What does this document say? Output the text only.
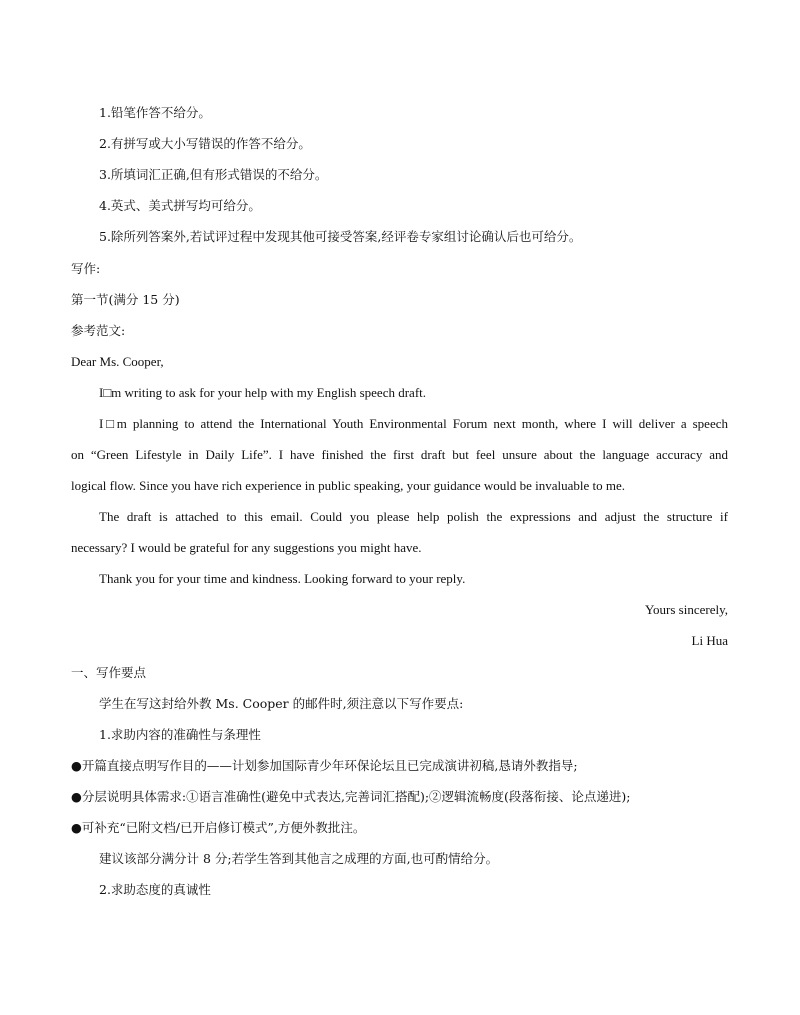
1.铅笔作答不给分。
2.有拼写或大小写错误的作答不给分。
3.所填词汇正确,但有形式错误的不给分。
4.英式、美式拼写均可给分。
5.除所列答案外,若试评过程中发现其他可接受答案,经评卷专家组讨论确认后也可给分。
写作:
第一节(满分 15 分)
参考范文:
Dear Ms. Cooper,
I□m writing to ask for your help with my English speech draft.
I□m planning to attend the International Youth Environmental Forum next month, where I will deliver a speech
on “Green Lifestyle in Daily Life”. I have finished the first draft but feel unsure about the language accuracy and
logical flow. Since you have rich experience in public speaking, your guidance would be invaluable to me.
The draft is attached to this email. Could you please help polish the expressions and adjust the structure if
necessary? I would be grateful for any suggestions you might have.
Thank you for your time and kindness. Looking forward to your reply.
Yours sincerely,
Li Hua
一、写作要点
学生在写这封给外教 Ms. Cooper 的邮件时,须注意以下写作要点:
1.求助内容的准确性与条理性
●开篇直接点明写作目的——计划参加国际青少年环保论坛且已完成演讲初稿,恳请外教指导;
●分层说明具体需求:①语言准确性(避免中式表达,完善词汇搭配);②逻辑流畅度(段落衔接、论点递进);
●可补充“已附文档/已开启修订模式”,方便外教批注。
建议该部分满分计 8 分;若学生答到其他言之成理的方面,也可酌情给分。
2.求助态度的真诚性
